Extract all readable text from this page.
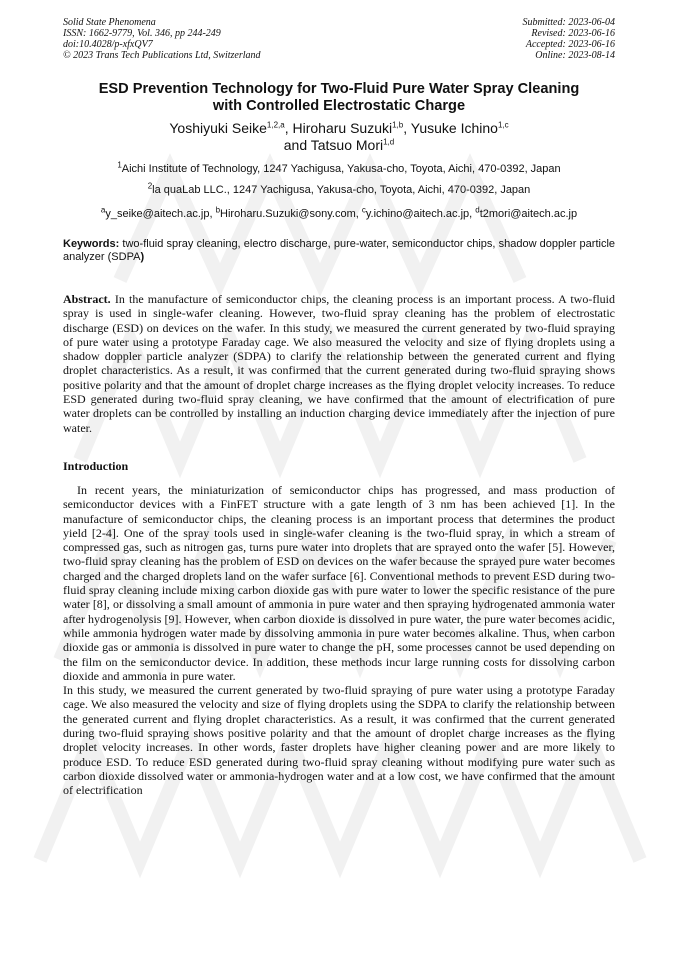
Solid State Phenomena
ISSN: 1662-9779, Vol. 346, pp 244-249
doi:10.4028/p-xfxQV7
© 2023 Trans Tech Publications Ltd, Switzerland
Submitted: 2023-06-04
Revised: 2023-06-16
Accepted: 2023-06-16
Online: 2023-08-14
ESD Prevention Technology for Two-Fluid Pure Water Spray Cleaning
with Controlled Electrostatic Charge
Yoshiyuki Seike$^{1,2,a}$, Hiroharu Suzuki$^{1,b}$, Yusuke Ichino$^{1,c}$
and Tatsuo Mori$^{1,d}$
$^1$Aichi Institute of Technology, 1247 Yachigusa, Yakusa-cho, Toyota, Aichi, 470-0392, Japan
$^2$la quaLab LLC., 1247 Yachigusa, Yakusa-cho, Toyota, Aichi, 470-0392, Japan
$^a$y_seike@aitech.ac.jp, $^b$Hiroharu.Suzuki@sony.com, $^c$y.ichino@aitech.ac.jp, $^d$t2mori@aitech.ac.jp
Keywords: two-fluid spray cleaning, electro discharge, pure-water, semiconductor chips, shadow doppler particle analyzer (SDPA)
Abstract. In the manufacture of semiconductor chips, the cleaning process is an important process. A two-fluid spray is used in single-wafer cleaning. However, two-fluid spray cleaning has the problem of electrostatic discharge (ESD) on devices on the wafer. In this study, we measured the current generated by two-fluid spraying of pure water using a prototype Faraday cage. We also measured the velocity and size of flying droplets using a shadow doppler particle analyzer (SDPA) to clarify the relationship between the generated current and flying droplet characteristics. As a result, it was confirmed that the current generated during two-fluid spraying shows positive polarity and that the amount of droplet charge increases as the flying droplet velocity increases. To reduce ESD generated during two-fluid spray cleaning, we have confirmed that the amount of electrification of pure water droplets can be controlled by installing an induction charging device immediately after the injection of pure water.
Introduction

In recent years, the miniaturization of semiconductor chips has progressed, and mass production of semiconductor devices with a FinFET structure with a gate length of 3 nm has been achieved [1]. In the manufacture of semiconductor chips, the cleaning process is an important process that determines the product yield [2-4]. One of the spray tools used in single-wafer cleaning is the two-fluid spray, in which a stream of compressed gas, such as nitrogen gas, turns pure water into droplets that are sprayed onto the wafer [5]. However, two-fluid spray cleaning has the problem of ESD on devices on the wafer because the sprayed pure water becomes charged and the charged droplets land on the wafer surface [6]. Conventional methods to prevent ESD during two-fluid spray cleaning include mixing carbon dioxide gas with pure water to lower the specific resistance of the pure water [8], or dissolving a small amount of ammonia in pure water and then spraying hydrogenated ammonia water after hydrogenolysis [9]. However, when carbon dioxide is dissolved in pure water, the pure water becomes acidic, while ammonia hydrogen water made by dissolving ammonia in pure water becomes alkaline. Thus, when carbon dioxide gas or ammonia is dissolved in pure water to change the pH, some processes cannot be used depending on the film on the semiconductor device. In addition, these methods incur large running costs for dissolving carbon dioxide and ammonia in pure water.

In this study, we measured the current generated by two-fluid spraying of pure water using a prototype Faraday cage. We also measured the velocity and size of flying droplets using the SDPA to clarify the relationship between the generated current and flying droplet characteristics. As a result, it was confirmed that the current generated during two-fluid spraying shows positive polarity and that the amount of droplet charge increases as the flying droplet velocity increases. In other words, faster droplets have higher cleaning power and are more likely to produce ESD. To reduce ESD generated during two-fluid spray cleaning without modifying pure water such as carbon dioxide dissolved water or ammonia-hydrogen water and at a low cost, we have confirmed that the amount of electrification
